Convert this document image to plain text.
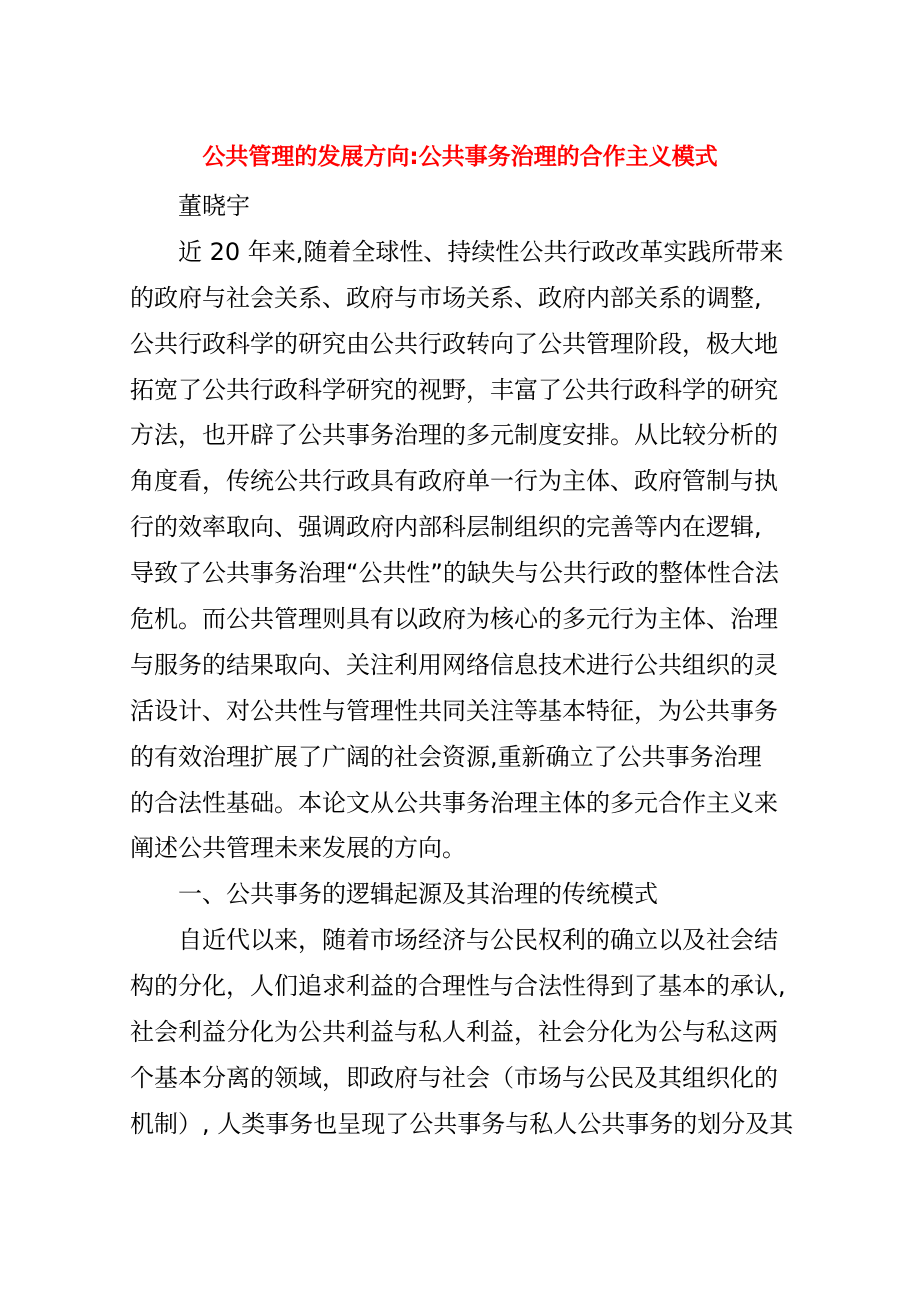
公共管理的发展方向:公共事务治理的合作主义模式
董晓宇
近 20 年来,随着全球性、持续性公共行政改革实践所带来
的政府与社会关系、政府与市场关系、政府内部关系的调整,
公共行政科学的研究由公共行政转向了公共管理阶段，极大地
拓宽了公共行政科学研究的视野，丰富了公共行政科学的研究
方法，也开辟了公共事务治理的多元制度安排。从比较分析的
角度看，传统公共行政具有政府单一行为主体、政府管制与执
行的效率取向、强调政府内部科层制组织的完善等内在逻辑,
导致了公共事务治理“公共性”的缺失与公共行政的整体性合法
危机。而公共管理则具有以政府为核心的多元行为主体、治理
与服务的结果取向、关注利用网络信息技术进行公共组织的灵
活设计、对公共性与管理性共同关注等基本特征，为公共事务
的有效治理扩展了广阔的社会资源,重新确立了公共事务治理
的合法性基础。本论文从公共事务治理主体的多元合作主义来
阐述公共管理未来发展的方向。
一、公共事务的逻辑起源及其治理的传统模式
自近代以来，随着市场经济与公民权利的确立以及社会结
构的分化，人们追求利益的合理性与合法性得到了基本的承认,
社会利益分化为公共利益与私人利益，社会分化为公与私这两
个基本分离的领域，即政府与社会（市场与公民及其组织化的
机制）, 人类事务也呈现了公共事务与私人公共事务的划分及其
